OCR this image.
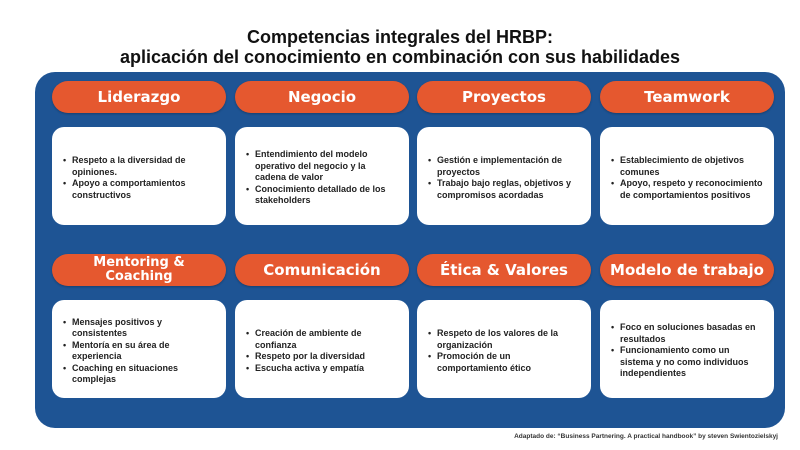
Competencias integrales del HRBP:
aplicación del conocimiento en combinación con sus habilidades
Liderazgo
• Respeto a la diversidad de opiniones.
• Apoyo a comportamientos constructivos
Negocio
• Entendimiento del modelo operativo del negocio y la cadena de valor
• Conocimiento detallado de los stakeholders
Proyectos
• Gestión e implementación de proyectos
• Trabajo bajo reglas, objetivos y compromisos acordadas
Teamwork
• Establecimiento de objetivos comunes
• Apoyo, respeto y reconocimiento de comportamientos positivos
Mentoring & Coaching
• Mensajes positivos y consistentes
• Mentoría en su área de experiencia
• Coaching en situaciones complejas
Comunicación
• Creación de ambiente de confianza
• Respeto por la diversidad
• Escucha activa y empatía
Ética & Valores
• Respeto de los valores de la organización
• Promoción de un comportamiento ético
Modelo de trabajo
• Foco en soluciones basadas en resultados
• Funcionamiento como un sistema y no como individuos independientes
Adaptado de: “Business Partnering. A practical handbook” by steven Swientozielskyj
